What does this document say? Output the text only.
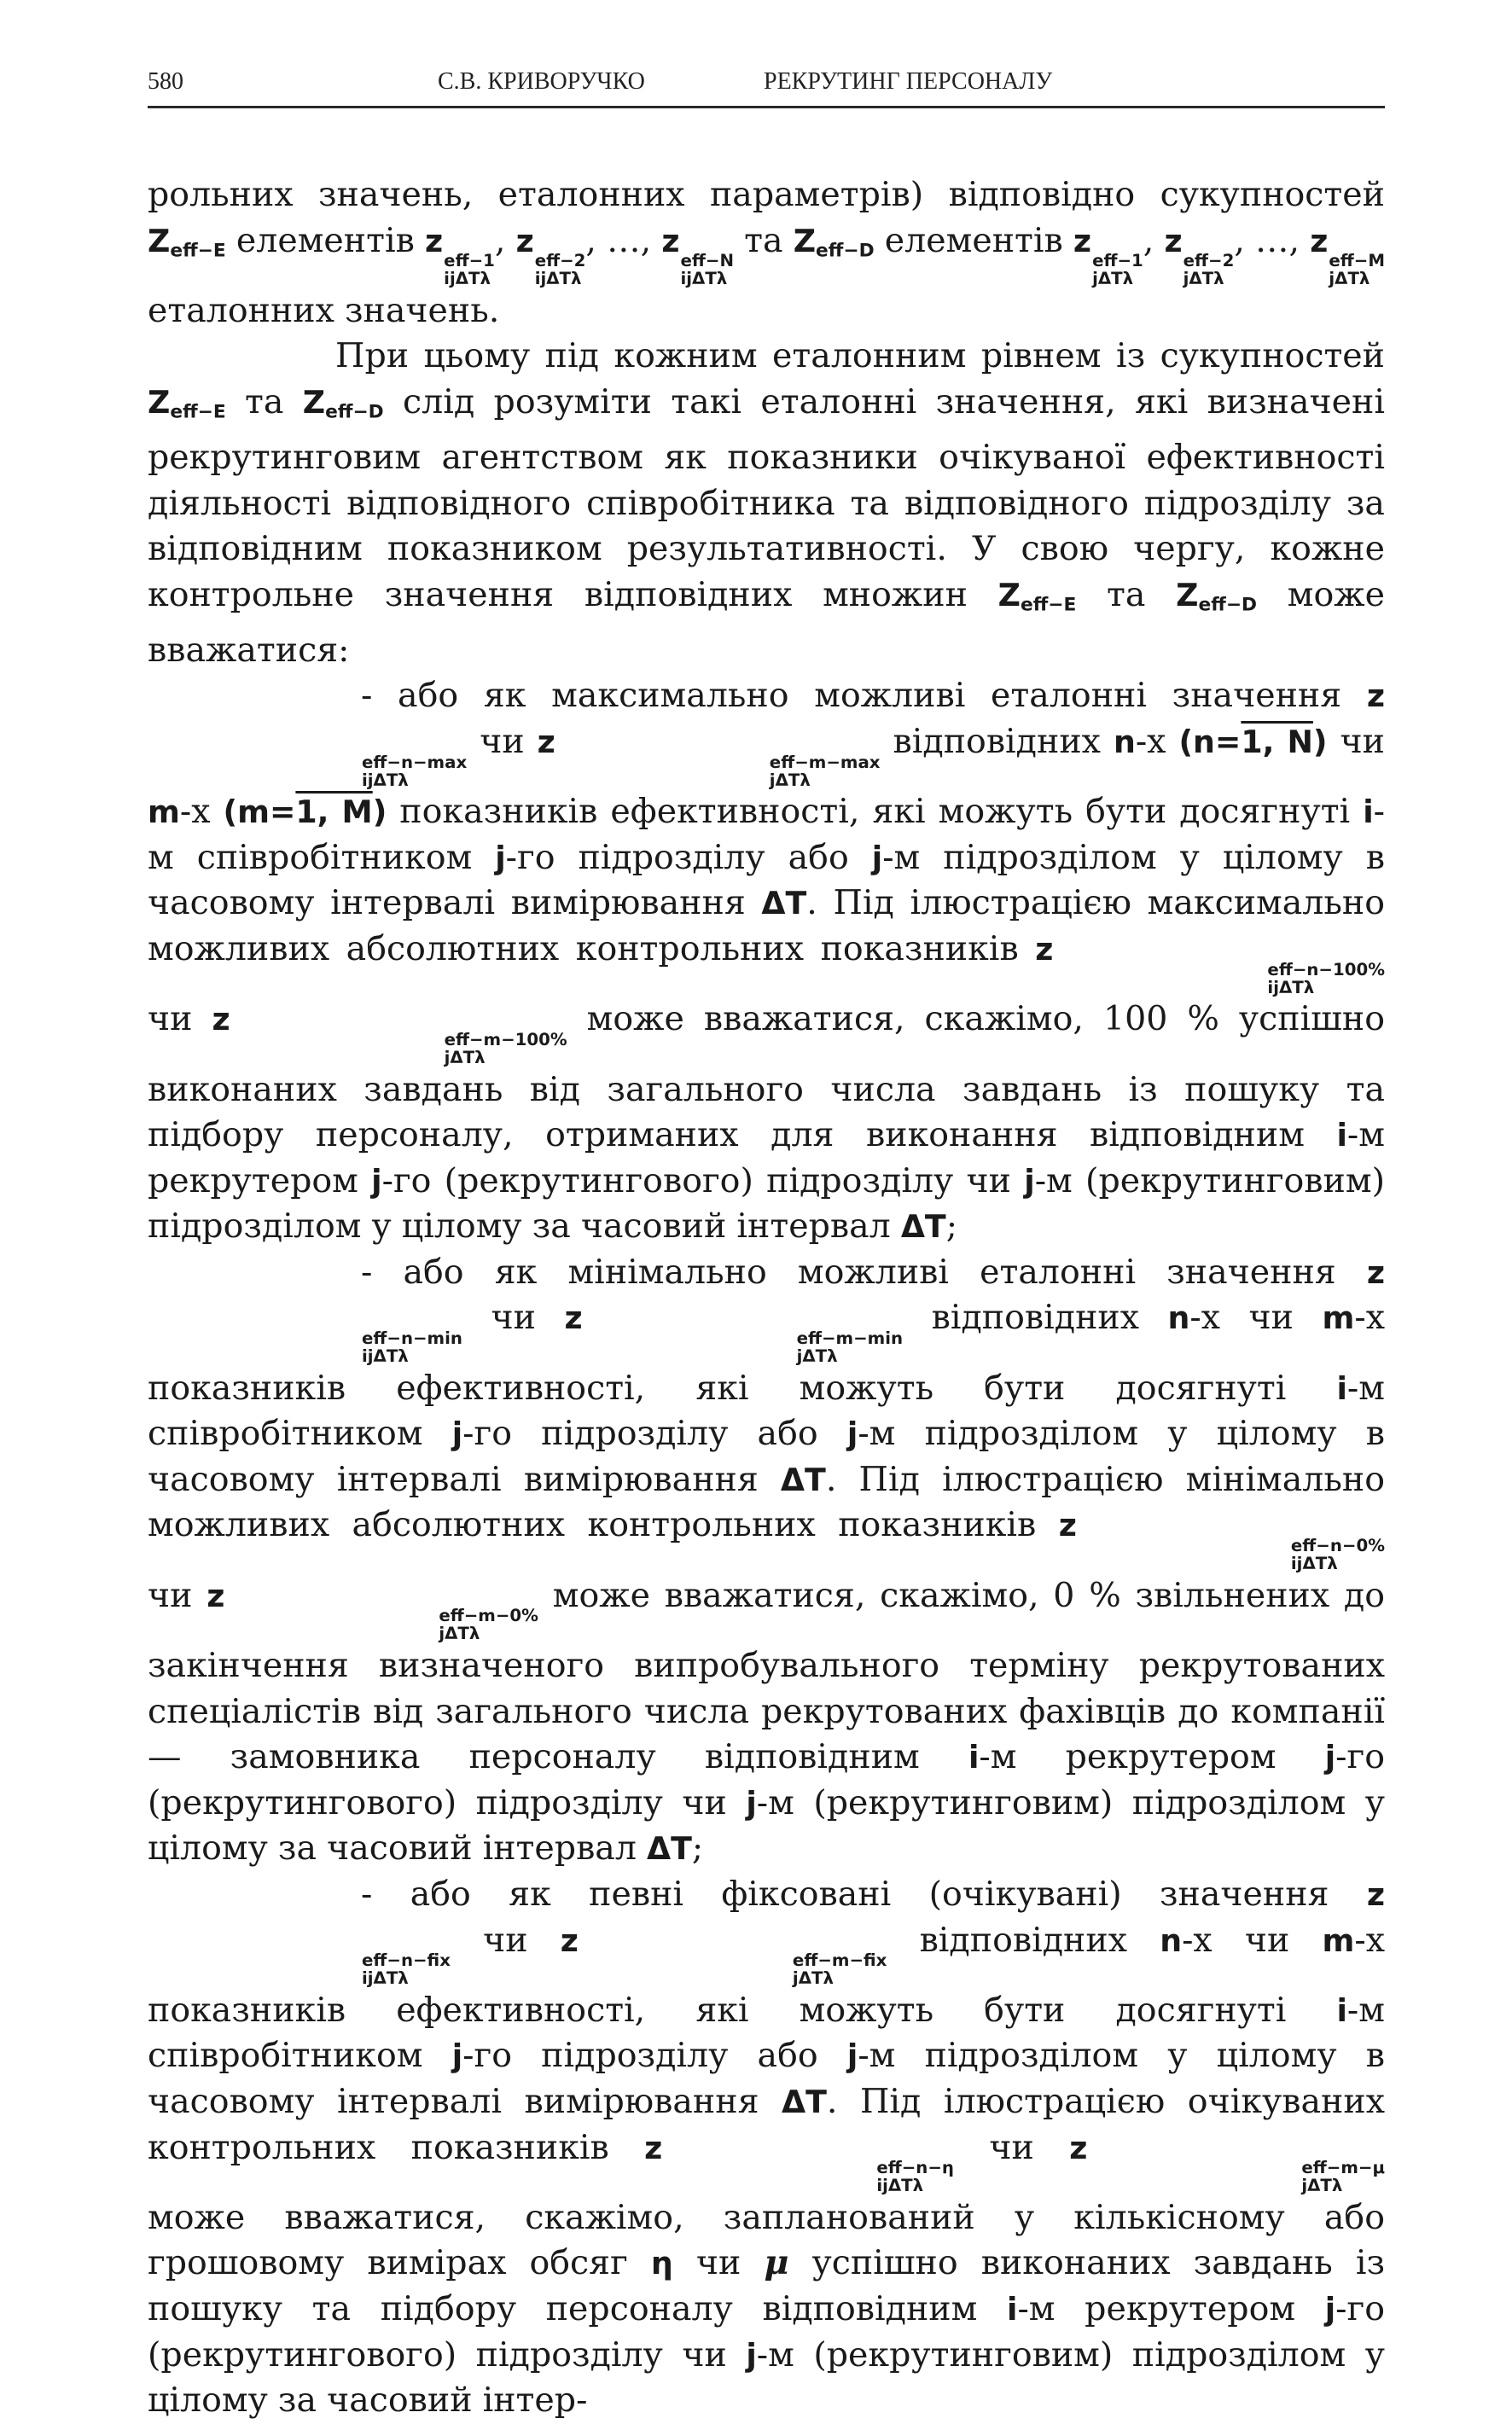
580	С.В. КРИВОРУЧКО	РЕКРУТИНГ ПЕРСОНАЛУ

рольних значень, еталонних параметрів) відповідно сукупностей Zeff−E елементів z
eff−1
ijΔTλ
, z
eff−2
ijΔTλ
, …, z
eff−N
ijΔTλ
та Zeff−D елементів z
eff−1
jΔTλ
, z
eff−2
jΔTλ
, …, z
eff−M
jΔTλ
еталонних значень.

При цьому під кожним еталонним рівнем із сукупностей Zeff−E та Zeff−D слід розуміти такі еталонні значення, які визначені рекрутинговим агентством як показники очікуваної ефективності діяльності відповідного співробітника та відповідного підрозділу за відповідним показником результативності. У свою чергу, кожне контрольне значення відповідних множин Zeff−E та Zeff−D може вважатися:

- або як максимально можливі еталонні значення z
eff−n−max
ijΔTλ
чи z
eff−m−max
jΔTλ
відповідних n-х (n=1, N) чи m-х (m=1, M) показників ефективності, які можуть бути досягнуті i-м співробітником j-го підрозділу або j-м підрозділом у цілому в часовому інтервалі вимірювання ΔT. Під ілюстрацією максимально можливих абсолютних контрольних показників z
eff−n−100%
ijΔTλ
чи z
eff−m−100%
jΔTλ
може вважатися, скажімо, 100 % успішно виконаних завдань від загального числа завдань із пошуку та підбору персоналу, отриманих для виконання відповідним i-м рекрутером j-го (рекрутингового) підрозділу чи j-м (рекрутинговим) підрозділом у цілому за часовий інтервал ΔT;

- або як мінімально можливі еталонні значення z
eff−n−min
ijΔTλ
чи z
eff−m−min
jΔTλ
відповідних n-х чи m-х показників ефективності, які можуть бути досягнуті i-м співробітником j-го підрозділу або j-м підрозділом у цілому в часовому інтервалі вимірювання ΔT. Під ілюстрацією мінімально можливих абсолютних контрольних показників z
eff−n−0%
ijΔTλ
чи z
eff−m−0%
jΔTλ
може вважатися, скажімо, 0 % звільнених до закінчення визначеного випробувального терміну рекрутованих спеціалістів від загального числа рекрутованих фахівців до компанії — замовника персоналу відповідним i-м рекрутером j-го (рекрутингового) підрозділу чи j-м (рекрутинговим) підрозділом у цілому за часовий інтервал ΔT;

- або як певні фіксовані (очікувані) значення z
eff−n−fix
ijΔTλ
чи z
eff−m−fix
jΔTλ
відповідних n-х чи m-х показників ефективності, які можуть бути досягнуті i-м співробітником j-го підрозділу або j-м підрозділом у цілому в часовому інтервалі вимірювання ΔT. Під ілюстрацією очікуваних контрольних показників z
eff−n−η
ijΔTλ
чи z
eff−m−μ
jΔTλ
може вважатися, скажімо, запланований у кількісному або грошовому вимірах обсяг η чи μ успішно виконаних завдань із пошуку та підбору персоналу відповідним i-м рекрутером j-го (рекрутингового) підрозділу чи j-м (рекрутинговим) підрозділом у цілому за часовий інтер-
